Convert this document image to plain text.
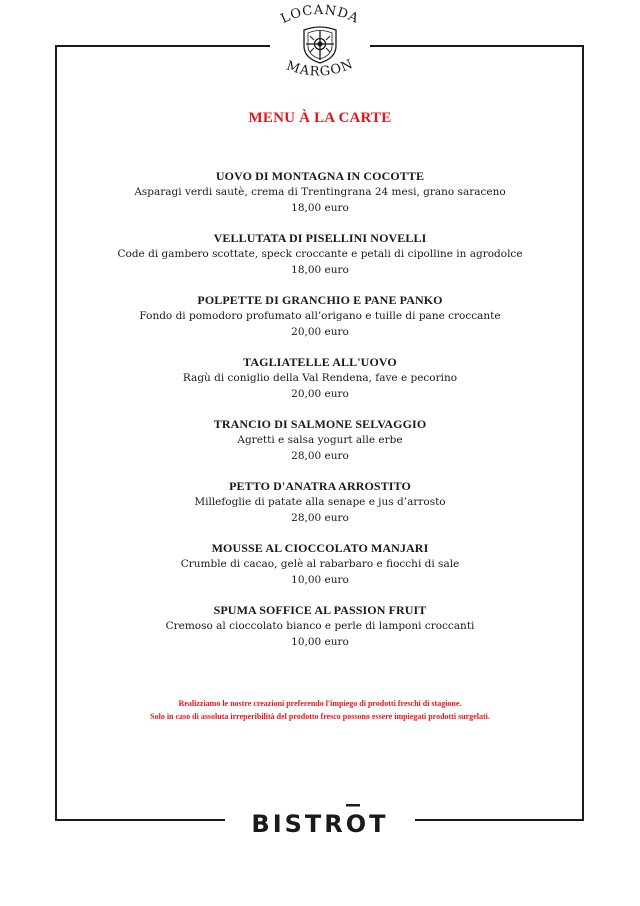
LOCANDA
MARGON
MENU À LA CARTE
UOVO DI MONTAGNA IN COCOTTE
Asparagi verdi sautè, crema di Trentingrana 24 mesi, grano saraceno
18,00 euro
VELLUTATA DI PISELLINI NOVELLI
Code di gambero scottate, speck croccante e petali di cipolline in agrodolce
18,00 euro
POLPETTE DI GRANCHIO E PANE PANKO
Fondo di pomodoro profumato all’origano e tuille di pane croccante
20,00 euro
TAGLIATELLE ALL'UOVO
Ragù di coniglio della Val Rendena, fave e pecorino
20,00 euro
TRANCIO DI SALMONE SELVAGGIO
Agretti e salsa yogurt alle erbe
28,00 euro
PETTO D'ANATRA ARROSTITO
Millefoglie di patate alla senape e jus d’arrosto
28,00 euro
MOUSSE AL CIOCCOLATO MANJARI
Crumble di cacao, gelè al rabarbaro e fiocchi di sale
10,00 euro
SPUMA SOFFICE AL PASSION FRUIT
Cremoso al cioccolato bianco e perle di lamponi croccanti
10,00 euro
Realizziamo le nostre creazioni preferendo l'impiego di prodotti freschi di stagione.
Solo in caso di assoluta irreperibilità del prodotto fresco possono essere impiegati prodotti surgelati.
BISTROT
